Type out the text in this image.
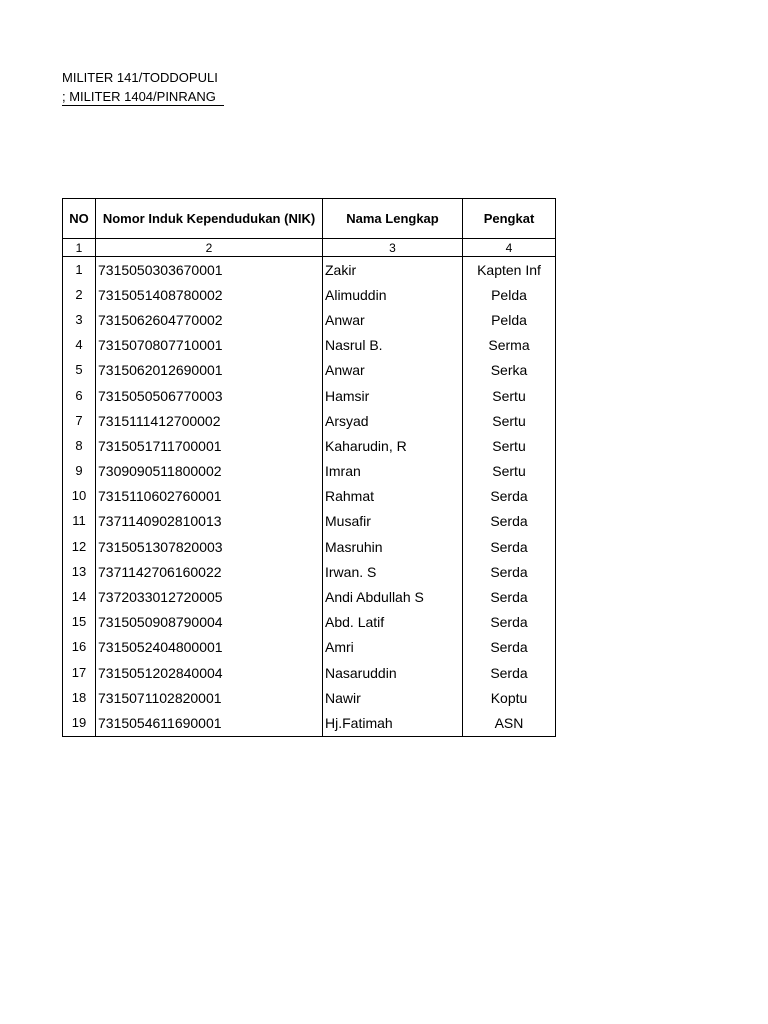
MILITER 141/TODDOPULI
; MILITER 1404/PINRANG
NO	Nomor Induk Kependudukan (NIK)	Nama Lengkap	Pengkat
1	2	3	4
1	7315050303670001	Zakir	Kapten Inf
2	7315051408780002	Alimuddin	Pelda
3	7315062604770002	Anwar	Pelda
4	7315070807710001	Nasrul B.	Serma
5	7315062012690001	Anwar	Serka
6	7315050506770003	Hamsir	Sertu
7	7315111412700002	Arsyad	Sertu
8	7315051711700001	Kaharudin, R	Sertu
9	7309090511800002	Imran	Sertu
10	7315110602760001	Rahmat	Serda
11	7371140902810013	Musafir	Serda
12	7315051307820003	Masruhin	Serda
13	7371142706160022	Irwan. S	Serda
14	7372033012720005	Andi Abdullah S	Serda
15	7315050908790004	Abd. Latif	Serda
16	7315052404800001	Amri	Serda
17	7315051202840004	Nasaruddin	Serda
18	7315071102820001	Nawir	Koptu
19	7315054611690001	Hj.Fatimah	ASN
